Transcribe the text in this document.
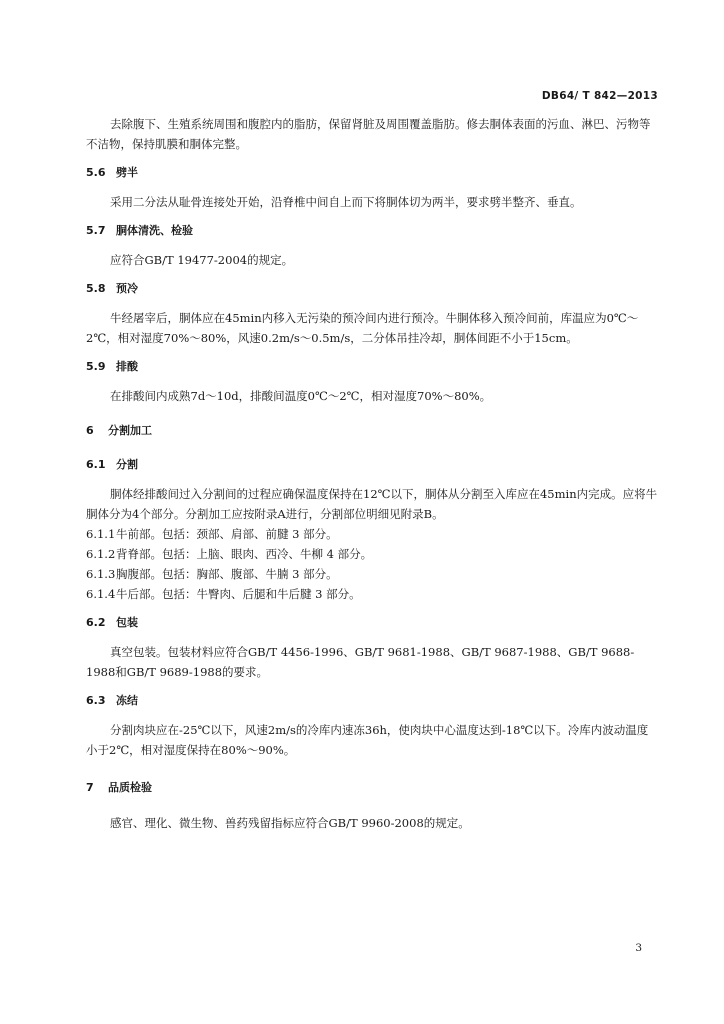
DB64/ T 842—2013

去除腹下、生殖系统周围和腹腔内的脂肪，保留肾脏及周围覆盖脂肪。修去胴体表面的污血、淋巴、污物等不洁物，保持肌膜和胴体完整。

5.6 劈半

采用二分法从耻骨连接处开始，沿脊椎中间自上而下将胴体切为两半，要求劈半整齐、垂直。

5.7 胴体清洗、检验

应符合GB/T 19477-2004的规定。

5.8 预冷

牛经屠宰后，胴体应在45min内移入无污染的预冷间内进行预冷。牛胴体移入预冷间前，库温应为0℃～2℃，相对湿度70%～80%，风速0.2m/s～0.5m/s，二分体吊挂冷却，胴体间距不小于15cm。

5.9 排酸

在排酸间内成熟7d～10d，排酸间温度0℃～2℃，相对湿度70%～80%。

6	分割加工
6.1 分割

胴体经排酸间过入分割间的过程应确保温度保持在12℃以下，胴体从分割至入库应在45min内完成。应将牛胴体分为4个部分。分割加工应按附录A进行，分割部位明细见附录B。

6.1.1 牛前部。包括：颈部、肩部、前腱 3 部分。
6.1.2 背脊部。包括：上脑、眼肉、西冷、牛柳 4 部分。
6.1.3 胸腹部。包括：胸部、腹部、牛腩 3 部分。
6.1.4 牛后部。包括：牛臀肉、后腿和牛后腱 3 部分。
6.2 包装

真空包装。包装材料应符合GB/T 4456-1996、GB/T 9681-1988、GB/T 9687-1988、GB/T 9688-1988和GB/T 9689-1988的要求。

6.3 冻结

分割肉块应在-25℃以下，风速2m/s的冷库内速冻36h，使肉块中心温度达到-18℃以下。冷库内波动温度小于2℃，相对湿度保持在80%～90%。

7	品质检验

感官、理化、微生物、兽药残留指标应符合GB/T 9960-2008的规定。

3
